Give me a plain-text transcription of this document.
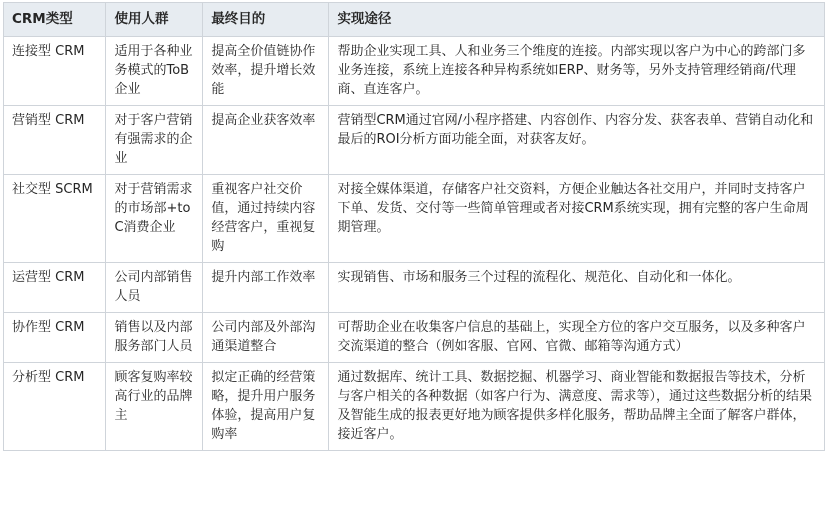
CRM类型	使用人群	最终目的	实现途径
连接型 CRM	适用于各种业务模式的ToB企业	提高全价值链协作效率，提升增长效能	帮助企业实现工具、人和业务三个维度的连接。内部实现以客户为中心的跨部门多业务连接，系统上连接各种异构系统如ERP、财务等，另外支持管理经销商/代理商、直连客户。
营销型 CRM	对于客户营销有强需求的企业	提高企业获客效率	营销型CRM通过官网/小程序搭建、内容创作、内容分发、获客表单、营销自动化和最后的ROI分析方面功能全面，对获客友好。
社交型 SCRM	对于营销需求的市场部+toC消费企业	重视客户社交价值，通过持续内容经营客户，重视复购	对接全媒体渠道，存储客户社交资料，方便企业触达各社交用户，并同时支持客户下单、发货、交付等一些简单管理或者对接CRM系统实现，拥有完整的客户生命周期管理。
运营型 CRM	公司内部销售人员	提升内部工作效率	实现销售、市场和服务三个过程的流程化、规范化、自动化和一体化。
协作型 CRM	销售以及内部服务部门人员	公司内部及外部沟通渠道整合	可帮助企业在收集客户信息的基础上，实现全方位的客户交互服务，以及多种客户交流渠道的整合（例如客服、官网、官微、邮箱等沟通方式）
分析型 CRM	顾客复购率较高行业的品牌主	拟定正确的经营策略，提升用户服务体验，提高用户复购率	通过数据库、统计工具、数据挖掘、机器学习、商业智能和数据报告等技术，分析与客户相关的各种数据（如客户行为、满意度、需求等），通过这些数据分析的结果及智能生成的报表更好地为顾客提供多样化服务，帮助品牌主全面了解客户群体，接近客户。
